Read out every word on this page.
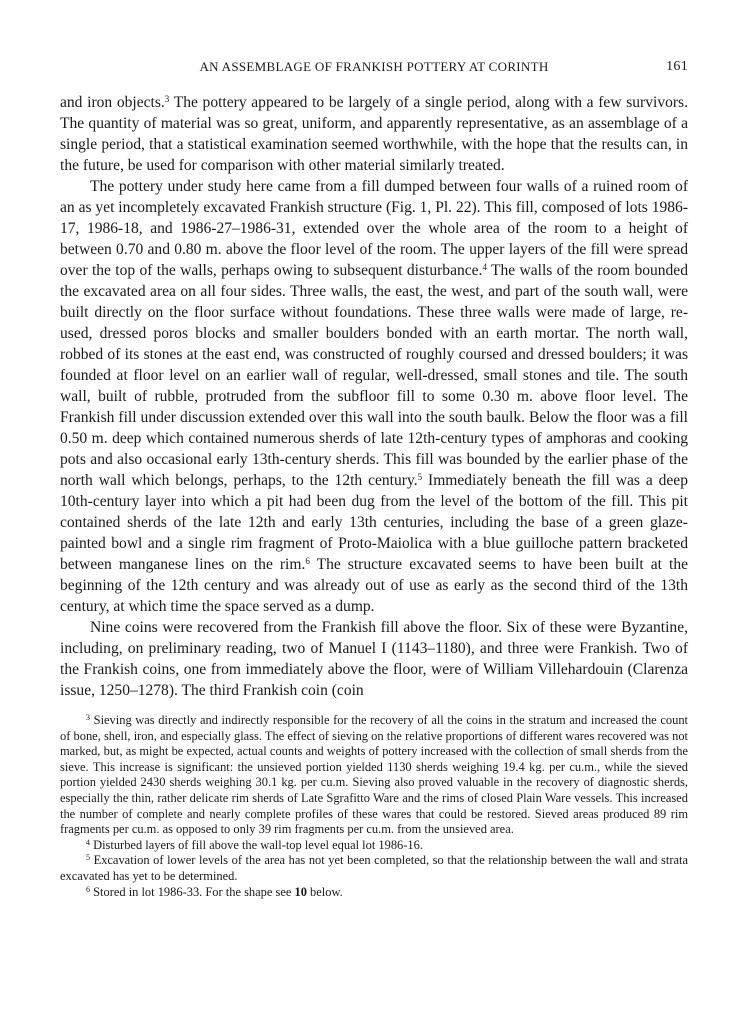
AN ASSEMBLAGE OF FRANKISH POTTERY AT CORINTH	161

and iron objects.$^3$ The pottery appeared to be largely of a single period, along with a few survivors. The quantity of material was so great, uniform, and apparently representative, as an assemblage of a single period, that a statistical examination seemed worthwhile, with the hope that the results can, in the future, be used for comparison with other material similarly treated.

The pottery under study here came from a fill dumped between four walls of a ruined room of an as yet incompletely excavated Frankish structure (Fig. 1, Pl. 22). This fill, composed of lots 1986-17, 1986-18, and 1986-27–1986-31, extended over the whole area of the room to a height of between 0.70 and 0.80 m. above the floor level of the room. The upper layers of the fill were spread over the top of the walls, perhaps owing to subsequent disturbance.$^4$ The walls of the room bounded the excavated area on all four sides. Three walls, the east, the west, and part of the south wall, were built directly on the floor surface without foundations. These three walls were made of large, re-used, dressed poros blocks and smaller boulders bonded with an earth mortar. The north wall, robbed of its stones at the east end, was constructed of roughly coursed and dressed boulders; it was founded at floor level on an earlier wall of regular, well-dressed, small stones and tile. The south wall, built of rubble, protruded from the subfloor fill to some 0.30 m. above floor level. The Frankish fill under discussion extended over this wall into the south baulk. Below the floor was a fill 0.50 m. deep which contained numerous sherds of late 12th-century types of amphoras and cooking pots and also occasional early 13th-century sherds. This fill was bounded by the earlier phase of the north wall which belongs, perhaps, to the 12th century.$^5$ Immediately beneath the fill was a deep 10th-century layer into which a pit had been dug from the level of the bottom of the fill. This pit contained sherds of the late 12th and early 13th centuries, including the base of a green glaze-painted bowl and a single rim fragment of Proto-Maiolica with a blue guilloche pattern bracketed between manganese lines on the rim.$^6$ The structure excavated seems to have been built at the beginning of the 12th century and was already out of use as early as the second third of the 13th century, at which time the space served as a dump.

Nine coins were recovered from the Frankish fill above the floor. Six of these were Byzantine, including, on preliminary reading, two of Manuel I (1143–1180), and three were Frankish. Two of the Frankish coins, one from immediately above the floor, were of William Villehardouin (Clarenza issue, 1250–1278). The third Frankish coin (coin

$^3$ Sieving was directly and indirectly responsible for the recovery of all the coins in the stratum and increased the count of bone, shell, iron, and especially glass. The effect of sieving on the relative proportions of different wares recovered was not marked, but, as might be expected, actual counts and weights of pottery increased with the collection of small sherds from the sieve. This increase is significant: the unsieved portion yielded 1130 sherds weighing 19.4 kg. per cu.m., while the sieved portion yielded 2430 sherds weighing 30.1 kg. per cu.m. Sieving also proved valuable in the recovery of diagnostic sherds, especially the thin, rather delicate rim sherds of Late Sgrafitto Ware and the rims of closed Plain Ware vessels. This increased the number of complete and nearly complete profiles of these wares that could be restored. Sieved areas produced 89 rim fragments per cu.m. as opposed to only 39 rim fragments per cu.m. from the unsieved area.

$^4$ Disturbed layers of fill above the wall-top level equal lot 1986-16.

$^5$ Excavation of lower levels of the area has not yet been completed, so that the relationship between the wall and strata excavated has yet to be determined.

$^6$ Stored in lot 1986-33. For the shape see 10 below.
